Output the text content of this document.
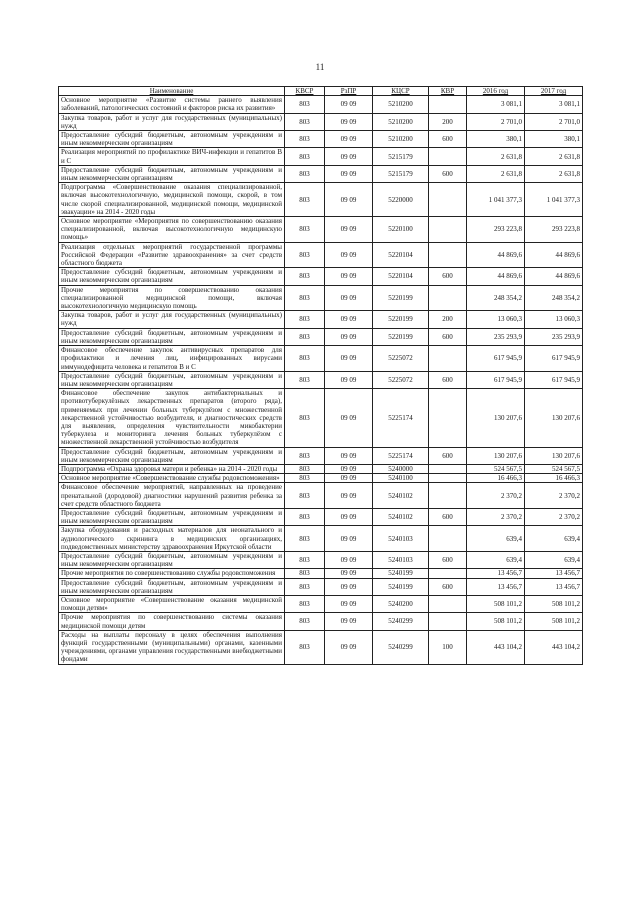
11
Наименование	КВСР	РзПР	КЦСР	КВР	2016 год	2017 год
Основное мероприятие «Развитие системы раннего выявления заболеваний, патологических состояний и факторов риска их развития»	803	09 09	5210200		3 081,1	3 081,1
Закупка товаров, работ и услуг для государственных (муниципальных) нужд	803	09 09	5210200	200	2 701,0	2 701,0
Предоставление субсидий бюджетным, автономным учреждениям и иным некоммерческим организациям	803	09 09	5210200	600	380,1	380,1
Реализация мероприятий по профилактике ВИЧ-инфекции и гепатитов В и С	803	09 09	5215179		2 631,8	2 631,8
Предоставление субсидий бюджетным, автономным учреждениям и иным некоммерческим организациям	803	09 09	5215179	600	2 631,8	2 631,8
Подпрограмма «Совершенствование оказания специализированной, включая высокотехнологичную, медицинской помощи, скорой, в том числе скорой специализированной, медицинской помощи, медицинской эвакуации» на 2014 - 2020 годы	803	09 09	5220000		1 041 377,3	1 041 377,3
Основное мероприятие «Мероприятия по совершенствованию оказания специализированной, включая высокотехнологичную медицинскую помощь»	803	09 09	5220100		293 223,8	293 223,8
Реализация отдельных мероприятий государственной программы Российской Федерации «Развитие здравоохранения» за счет средств областного бюджета	803	09 09	5220104		44 869,6	44 869,6
Предоставление субсидий бюджетным, автономным учреждениям и иным некоммерческим организациям	803	09 09	5220104	600	44 869,6	44 869,6
Прочие мероприятия по совершенствованию оказания специализированной медицинской помощи, включая высокотехнологичную медицинскую помощь	803	09 09	5220199		248 354,2	248 354,2
Закупка товаров, работ и услуг для государственных (муниципальных) нужд	803	09 09	5220199	200	13 060,3	13 060,3
Предоставление субсидий бюджетным, автономным учреждениям и иным некоммерческим организациям	803	09 09	5220199	600	235 293,9	235 293,9
Финансовое обеспечение закупок антивирусных препаратов для профилактики и лечения лиц, инфицированных вирусами иммунодефицита человека и гепатитов В и С	803	09 09	5225072		617 945,9	617 945,9
Предоставление субсидий бюджетным, автономным учреждениям и иным некоммерческим организациям	803	09 09	5225072	600	617 945,9	617 945,9
Финансовое обеспечение закупок антибактериальных и противотуберкулёзных лекарственных препаратов (второго ряда), применяемых при лечении больных туберкулёзом с множественной лекарственной устойчивостью возбудителя, и диагностических средств для выявления, определения чувствительности микобактерии туберкулеза и мониторинга лечения больных туберкулёзом с множественной лекарственной устойчивостью возбудителя	803	09 09	5225174		130 207,6	130 207,6
Предоставление субсидий бюджетным, автономным учреждениям и иным некоммерческим организациям	803	09 09	5225174	600	130 207,6	130 207,6
Подпрограмма «Охрана здоровья матери и ребенка» на 2014 - 2020 годы	803	09 09	5240000		524 567,5	524 567,5
Основное мероприятие «Совершенствование службы родовспоможения»	803	09 09	5240100		16 466,3	16 466,3
Финансовое обеспечение мероприятий, направленных на проведение пренатальной (дородовой) диагностики нарушений развития ребенка за счет средств областного бюджета	803	09 09	5240102		2 370,2	2 370,2
Предоставление субсидий бюджетным, автономным учреждениям и иным некоммерческим организациям	803	09 09	5240102	600	2 370,2	2 370,2
Закупка оборудования и расходных материалов для неонатального и аудиологического скрининга в медицинских организациях, подведомственных министерству здравоохранения Иркутской области	803	09 09	5240103		639,4	639,4
Предоставление субсидий бюджетным, автономным учреждениям и иным некоммерческим организациям	803	09 09	5240103	600	639,4	639,4
Прочие мероприятия по совершенствованию службы родовспоможения	803	09 09	5240199		13 456,7	13 456,7
Предоставление субсидий бюджетным, автономным учреждениям и иным некоммерческим организациям	803	09 09	5240199	600	13 456,7	13 456,7
Основное мероприятие «Совершенствование оказания медицинской помощи детям»	803	09 09	5240200		508 101,2	508 101,2
Прочие мероприятия по совершенствованию системы оказания медицинской помощи детям	803	09 09	5240299		508 101,2	508 101,2
Расходы на выплаты персоналу в целях обеспечения выполнения функций государственными (муниципальными) органами, казенными учреждениями, органами управления государственными внебюджетными фондами	803	09 09	5240299	100	443 104,2	443 104,2
